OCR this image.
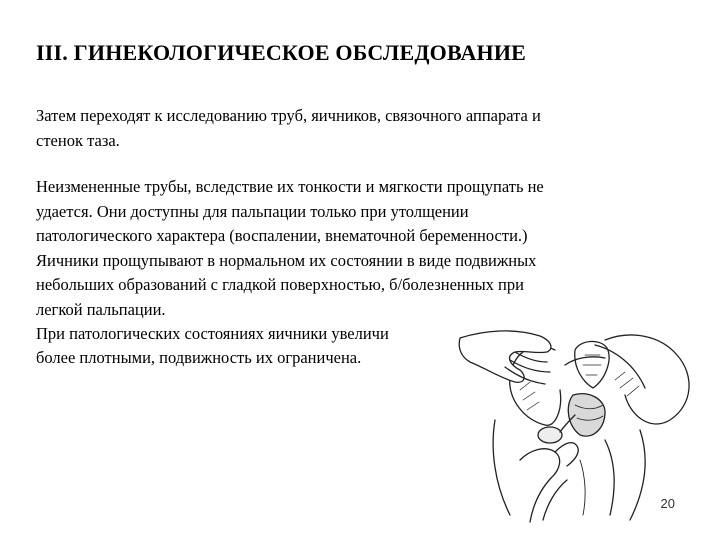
III. ГИНЕКОЛОГИЧЕСКОЕ ОБСЛЕДОВАНИЕ
Затем переходят к исследованию труб, яичников, связочного аппарата и
стенок таза.
Неизмененные трубы, вследствие их тонкости и мягкости прощупать не
удается. Они доступны для пальпации только при утолщении
патологического характера (воспалении, внематочной беременности.)
Яичники прощупывают в нормальном их состоянии в виде подвижных
небольших образований с гладкой поверхностью, б/болезненных при
легкой пальпации.
При патологических состояниях яичники увеличи
более плотными, подвижность их ограничена.
20
